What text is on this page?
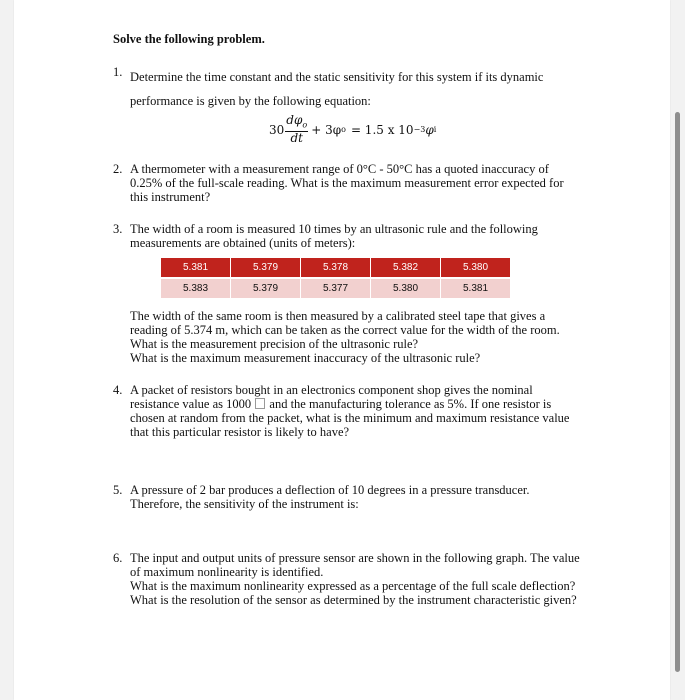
Solve the following problem.
1. Determine the time constant and the static sensitivity for this system if its dynamic
performance is given by the following equation:
$30 \frac{d\varphi_o}{dt} + 3\varphi$ o = 1.5 x 10 −3 φ i
2. A thermometer with a measurement range of 0°C - 50°C has a quoted inaccuracy of
0.25% of the full-scale reading. What is the maximum measurement error expected for
this instrument?
3. The width of a room is measured 10 times by an ultrasonic rule and the following
measurements are obtained (units of meters):
5.381	5.379	5.378	5.382	5.380
5.383	5.379	5.377	5.380	5.381
The width of the same room is then measured by a calibrated steel tape that gives a
reading of 5.374 m, which can be taken as the correct value for the width of the room.
What is the measurement precision of the ultrasonic rule?
What is the maximum measurement inaccuracy of the ultrasonic rule?
4. A packet of resistors bought in an electronics component shop gives the nominal
resistance value as 1000 and the manufacturing tolerance as 5%. If one resistor is
chosen at random from the packet, what is the minimum and maximum resistance value
that this particular resistor is likely to have?
5. A pressure of 2 bar produces a deflection of 10 degrees in a pressure transducer.
Therefore, the sensitivity of the instrument is:
6. The input and output units of pressure sensor are shown in the following graph. The value
of maximum nonlinearity is identified.
What is the maximum nonlinearity expressed as a percentage of the full scale deflection?
What is the resolution of the sensor as determined by the instrument characteristic given?
